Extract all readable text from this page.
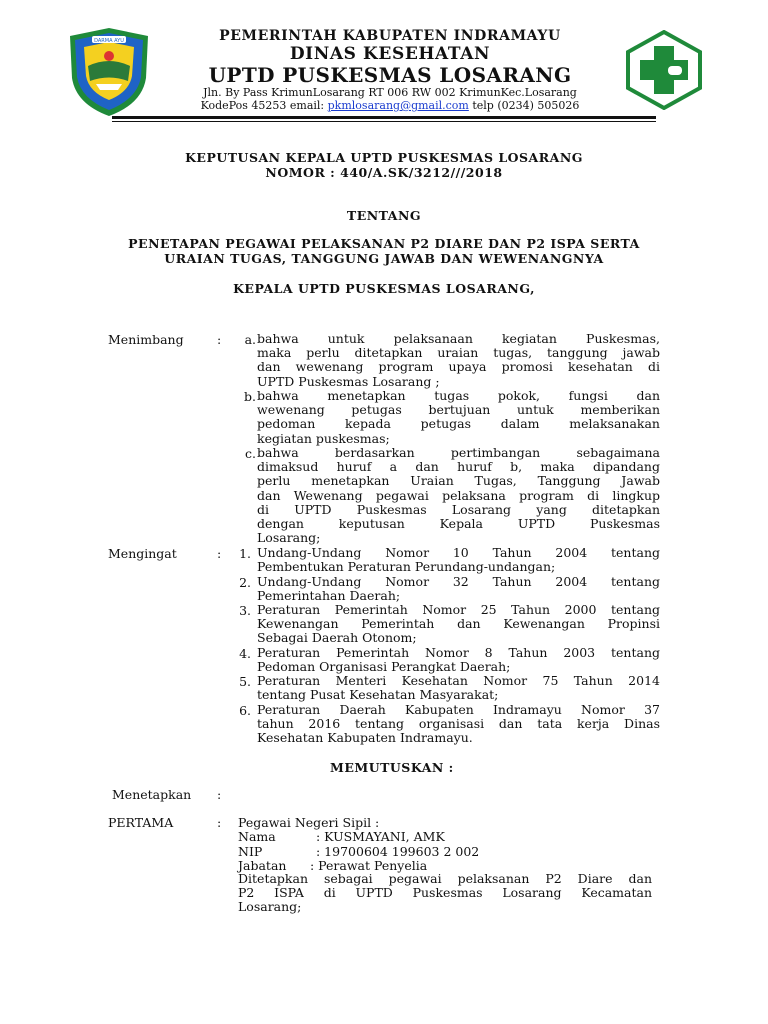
DARMA AYU	PEMERINTAH KABUPATEN INDRAMAYU
DINAS KESEHATAN
UPTD PUSKESMAS LOSARANG
Jln. By Pass KrimunLosarang RT 006 RW 002 KrimunKec.Losarang
KodePos 45253 email: pkmlosarang@gmail.com telp (0234) 505026
KEPUTUSAN KEPALA UPTD PUSKESMAS LOSARANG
NOMOR : 440/A.SK/3212///2018
TENTANG
PENETAPAN PEGAWAI PELAKSANAN P2 DIARE DAN P2 ISPA SERTA
URAIAN TUGAS, TANGGUNG JAWAB DAN WEWENANGNYA
KEPALA UPTD PUSKESMAS LOSARANG,
Menimbang	:	a. bahwa untuk pelaksanaan kegiatan Puskesmas,
maka perlu ditetapkan uraian tugas, tanggung jawab
dan wewenang program upaya promosi kesehatan di
UPTD Puskesmas Losarang ;
b. bahwa menetapkan tugas pokok, fungsi dan
wewenang petugas bertujuan untuk memberikan
pedoman kepada petugas dalam melaksanakan
kegiatan puskesmas;
c. bahwa berdasarkan pertimbangan sebagaimana
dimaksud huruf a dan huruf b, maka dipandang
perlu menetapkan Uraian Tugas, Tanggung Jawab
dan Wewenang pegawai pelaksana program di lingkup
di UPTD Puskesmas Losarang yang ditetapkan
dengan keputusan Kepala UPTD Puskesmas
Losarang;
Mengingat	:	1. Undang-Undang Nomor 10 Tahun 2004 tentang
Pembentukan Peraturan Perundang-undangan;
2. Undang-Undang Nomor 32 Tahun 2004 tentang
Pemerintahan Daerah;
3. Peraturan Pemerintah Nomor 25 Tahun 2000 tentang
Kewenangan Pemerintah dan Kewenangan Propinsi
Sebagai Daerah Otonom;
4. Peraturan Pemerintah Nomor 8 Tahun 2003 tentang
Pedoman Organisasi Perangkat Daerah;
5. Peraturan Menteri Kesehatan Nomor 75 Tahun 2014
tentang Pusat Kesehatan Masyarakat;
6. Peraturan Daerah Kabupaten Indramayu Nomor 37
tahun 2016 tentang organisasi dan tata kerja Dinas
Kesehatan Kabupaten Indramayu.
MEMUTUSKAN :
Menetapkan :
PERTAMA	: Pegawai Negeri Sipil :
Nama	: KUSMAYANI, AMK
NIP	: 19700604 199603 2 002
Jabatan : Perawat Penyelia
Ditetapkan sebagai pegawai pelaksanan P2 Diare dan
P2 ISPA di UPTD Puskesmas Losarang Kecamatan
Losarang;
